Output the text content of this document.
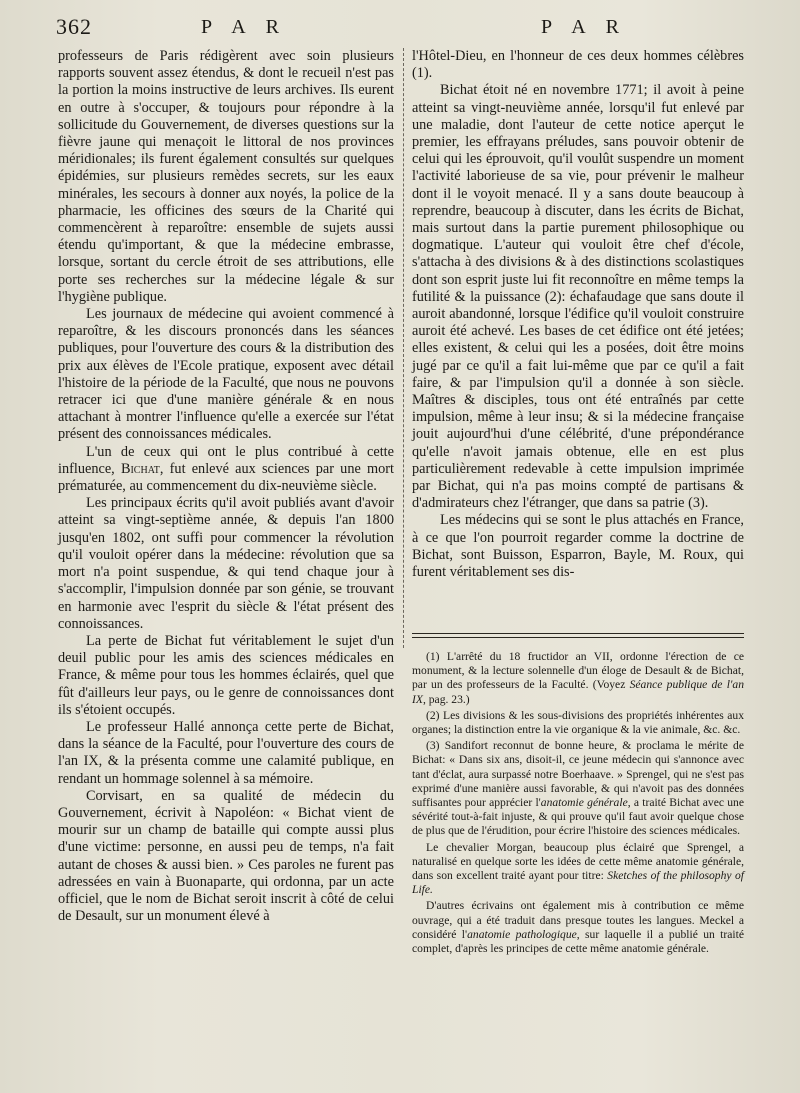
362	P A R	P A R

professeurs de Paris rédigèrent avec soin plusieurs rapports souvent assez étendus, & dont le recueil n'est pas la portion la moins instructive de leurs archives. Ils eurent en outre à s'occuper, & toujours pour répondre à la sollicitude du Gouvernement, de diverses questions sur la fièvre jaune qui menaçoit le littoral de nos provinces méridionales; ils furent également consultés sur quelques épidémies, sur plusieurs remèdes secrets, sur les eaux minérales, les secours à donner aux noyés, la police de la pharmacie, les officines des sœurs de la Charité qui commencèrent à reparoître: ensemble de sujets aussi étendu qu'important, & que la médecine embrasse, lorsque, sortant du cercle étroit de ses attributions, elle porte ses recherches sur la médecine légale & sur l'hygiène publique.

Les journaux de médecine qui avoient commencé à reparoître, & les discours prononcés dans les séances publiques, pour l'ouverture des cours & la distribution des prix aux élèves de l'Ecole pratique, exposent avec détail l'histoire de la période de la Faculté, que nous ne pouvons retracer ici que d'une manière générale & en nous attachant à montrer l'influence qu'elle a exercée sur l'état présent des connoissances médicales.

L'un de ceux qui ont le plus contribué à cette influence, Bichat, fut enlevé aux sciences par une mort prématurée, au commencement du dix-neuvième siècle.

Les principaux écrits qu'il avoit publiés avant d'avoir atteint sa vingt-septième année, & depuis l'an 1800 jusqu'en 1802, ont suffi pour commencer la révolution qu'il vouloit opérer dans la médecine: révolution que sa mort n'a point suspendue, & qui tend chaque jour à s'accomplir, l'impulsion donnée par son génie, se trouvant en harmonie avec l'esprit du siècle & l'état présent des connoissances.

La perte de Bichat fut véritablement le sujet d'un deuil public pour les amis des sciences médicales en France, & même pour tous les hommes éclairés, quel que fût d'ailleurs leur pays, ou le genre de connoissances dont ils s'étoient occupés.

Le professeur Hallé annonça cette perte de Bichat, dans la séance de la Faculté, pour l'ouverture des cours de l'an IX, & la présenta comme une calamité publique, en rendant un hommage solennel à sa mémoire.

Corvisart, en sa qualité de médecin du Gouvernement, écrivit à Napoléon: « Bichat vient de mourir sur un champ de bataille qui compte aussi plus d'une victime: personne, en aussi peu de temps, n'a fait autant de choses & aussi bien. » Ces paroles ne furent pas adressées en vain à Buonaparte, qui ordonna, par un acte officiel, que le nom de Bichat seroit inscrit à côté de celui de Desault, sur un monument élevé à

l'Hôtel-Dieu, en l'honneur de ces deux hommes célèbres (1).

Bichat étoit né en novembre 1771; il avoit à peine atteint sa vingt-neuvième année, lorsqu'il fut enlevé par une maladie, dont l'auteur de cette notice aperçut le premier, les effrayans préludes, sans pouvoir obtenir de celui qui les éprouvoit, qu'il voulût suspendre un moment l'activité laborieuse de sa vie, pour prévenir le malheur dont il le voyoit menacé. Il y a sans doute beaucoup à reprendre, beaucoup à discuter, dans les écrits de Bichat, mais surtout dans la partie purement philosophique ou dogmatique. L'auteur qui vouloit être chef d'école, s'attacha à des divisions & à des distinctions scolastiques dont son esprit juste lui fit reconnoître en même temps la futilité & la puissance (2): échafaudage que sans doute il auroit abandonné, lorsque l'édifice qu'il vouloit construire auroit été achevé. Les bases de cet édifice ont été jetées; elles existent, & celui qui les a posées, doit être moins jugé par ce qu'il a fait lui-même que par ce qu'il a fait faire, & par l'impulsion qu'il a donnée à son siècle. Maîtres & disciples, tous ont été entraînés par cette impulsion, même à leur insu; & si la médecine française jouit aujourd'hui d'une célébrité, d'une prépondérance qu'elle n'avoit jamais obtenue, elle en est plus particulièrement redevable à cette impulsion imprimée par Bichat, qui n'a pas moins compté de partisans & d'admirateurs chez l'étranger, que dans sa patrie (3).

Les médecins qui se sont le plus attachés en France, à ce que l'on pourroit regarder comme la doctrine de Bichat, sont Buisson, Esparron, Bayle, M. Roux, qui furent véritablement ses dis-

(1) L'arrêté du 18 fructidor an VII, ordonne l'érection de ce monument, & la lecture solennelle d'un éloge de Desault & de Bichat, par un des professeurs de la Faculté. (Voyez Séance publique de l'an IX, pag. 23.)

(2) Les divisions & les sous-divisions des propriétés inhérentes aux organes; la distinction entre la vie organique & la vie animale, &c. &c.

(3) Sandifort reconnut de bonne heure, & proclama le mérite de Bichat: « Dans six ans, disoit-il, ce jeune médecin qui s'annonce avec tant d'éclat, aura surpassé notre Boerhaave. » Sprengel, qui ne s'est pas exprimé d'une manière aussi favorable, & qui n'avoit pas des données suffisantes pour apprécier l'anatomie générale, a traité Bichat avec une sévérité tout-à-fait injuste, & qui prouve qu'il faut avoir quelque chose de plus que de l'érudition, pour écrire l'histoire des sciences médicales.

Le chevalier Morgan, beaucoup plus éclairé que Sprengel, a naturalisé en quelque sorte les idées de cette même anatomie générale, dans son excellent traité ayant pour titre: Sketches of the philosophy of Life.

D'autres écrivains ont également mis à contribution ce même ouvrage, qui a été traduit dans presque toutes les langues. Meckel a considéré l'anatomie pathologique, sur laquelle il a publié un traité complet, d'après les principes de cette même anatomie générale.
